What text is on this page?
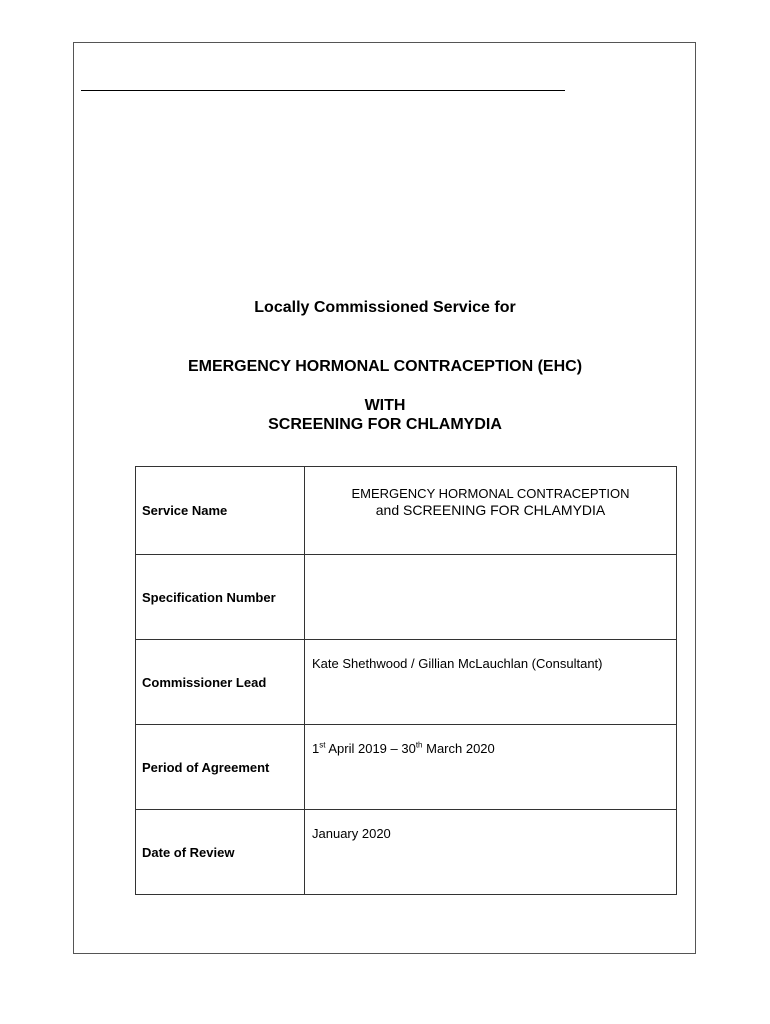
Locally Commissioned Service for

EMERGENCY HORMONAL CONTRACEPTION (EHC)

WITH

SCREENING FOR CHLAMYDIA

Service Name	EMERGENCY HORMONAL CONTRACEPTION
and SCREENING FOR CHLAMYDIA

Specification Number	
Commissioner Lead	Kate Shethwood / Gillian McLauchlan (Consultant)
Period of Agreement	1st April 2019 – 30th March 2020
Date of Review	January 2020
